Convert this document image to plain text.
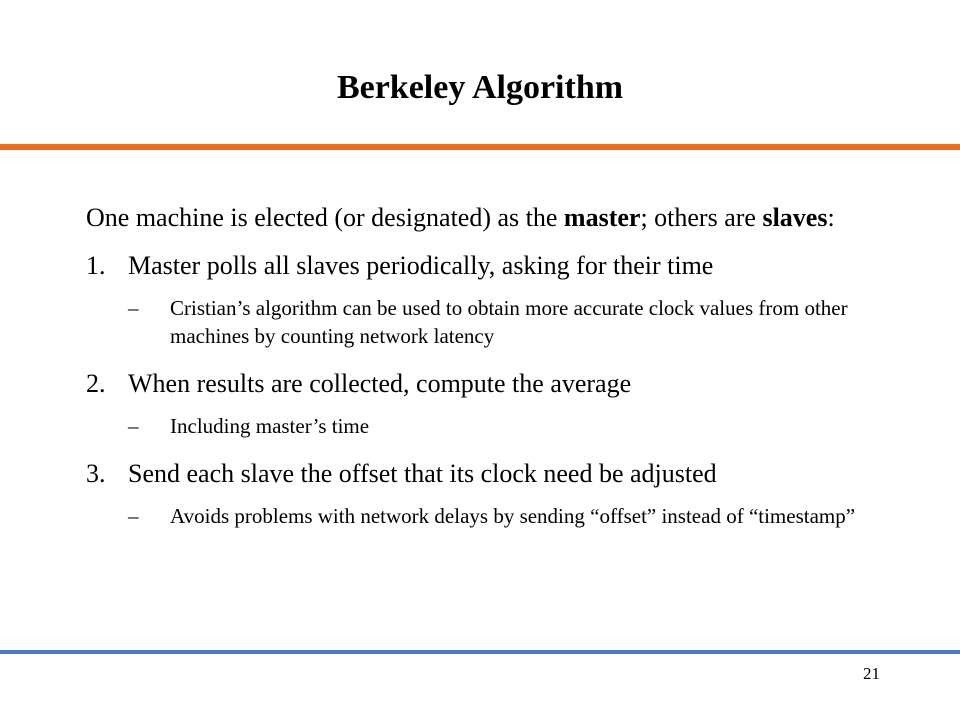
Berkeley Algorithm

One machine is elected (or designated) as the master; others are slaves:

1. Master polls all slaves periodically, asking for their time
–	Cristian’s algorithm can be used to obtain more accurate clock values from other machines by counting network latency
2. When results are collected, compute the average
–	Including master’s time
3. Send each slave the offset that its clock need be adjusted
–	Avoids problems with network delays by sending “offset” instead of “timestamp”
21
